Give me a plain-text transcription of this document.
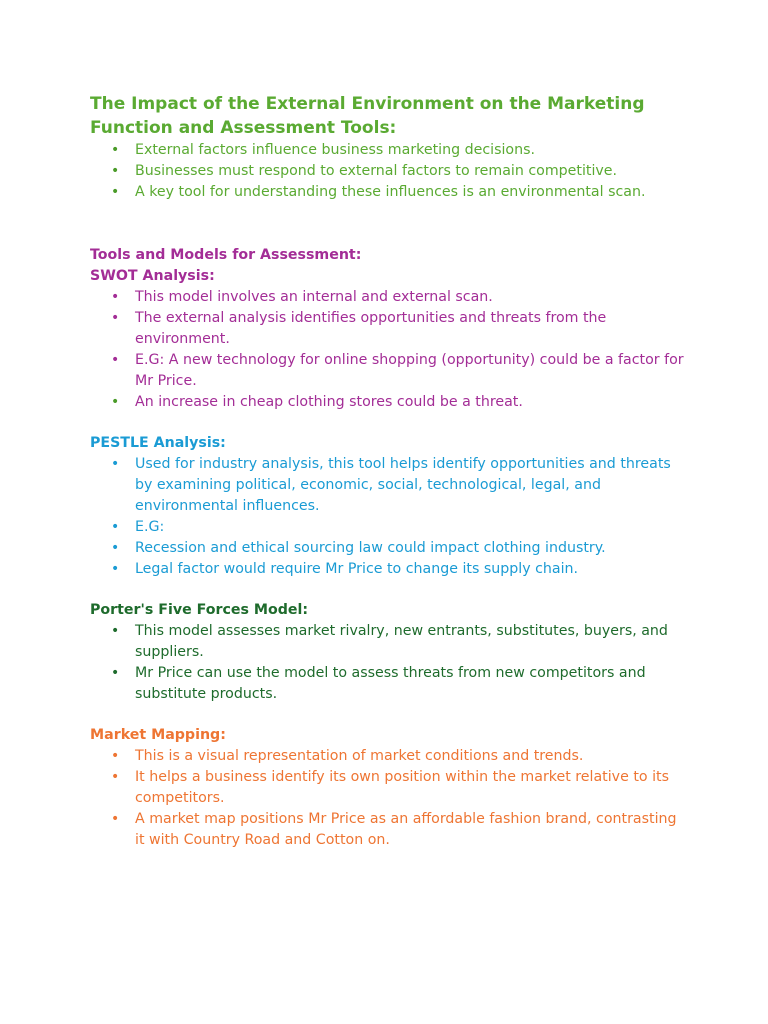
The Impact of the External Environment on the Marketing Function and Assessment Tools:
• External factors influence business marketing decisions.
• Businesses must respond to external factors to remain competitive.
• A key tool for understanding these influences is an environmental scan.
Tools and Models for Assessment:
SWOT Analysis:
• This model involves an internal and external scan.
• The external analysis identifies opportunities and threats from the environment.
• E.G: A new technology for online shopping (opportunity) could be a factor for Mr Price.
• An increase in cheap clothing stores could be a threat.
PESTLE Analysis:
• Used for industry analysis, this tool helps identify opportunities and threats by examining political, economic, social, technological, legal, and environmental influences.
• E.G:
• Recession and ethical sourcing law could impact clothing industry.
• Legal factor would require Mr Price to change its supply chain.
Porter's Five Forces Model:
• This model assesses market rivalry, new entrants, substitutes, buyers, and suppliers.
• Mr Price can use the model to assess threats from new competitors and substitute products.
Market Mapping:
• This is a visual representation of market conditions and trends.
• It helps a business identify its own position within the market relative to its competitors.
• A market map positions Mr Price as an affordable fashion brand, contrasting it with Country Road and Cotton on.
